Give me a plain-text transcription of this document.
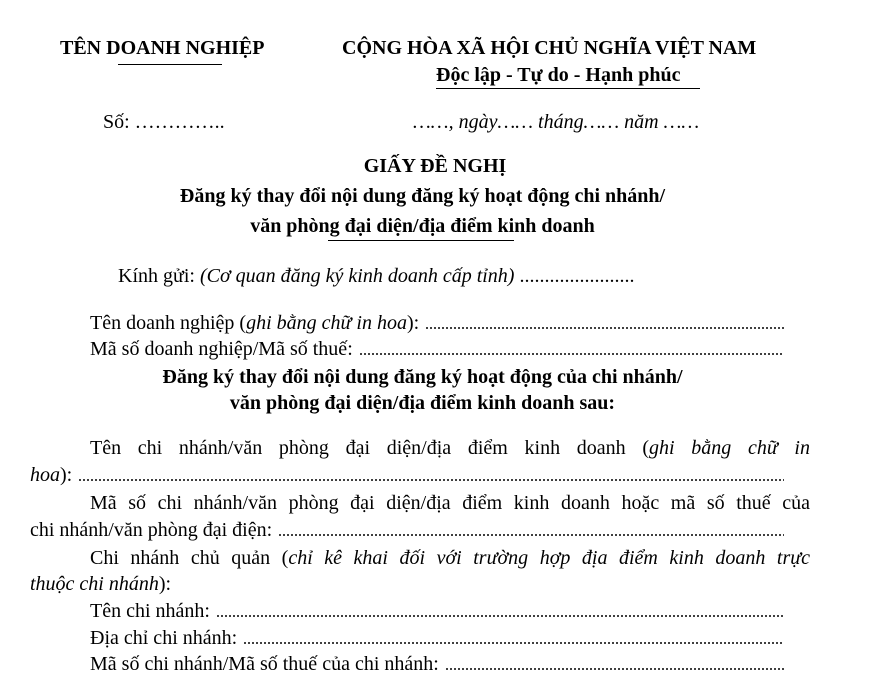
TÊN DOANH NGHIỆP	CỘNG HÒA XÃ HỘI CHỦ NGHĨA VIỆT NAM
Độc lập - Tự do - Hạnh phúc
Số: …………..	……, ngày…… tháng…… năm ……
GIẤY ĐỀ NGHỊ
Đăng ký thay đổi nội dung đăng ký hoạt động chi nhánh/
văn phòng đại diện/địa điểm kinh doanh
Kính gửi: (Cơ quan đăng ký kinh doanh cấp tỉnh) .......................
Tên doanh nghiệp ( ghi bằng chữ in hoa ):
Mã số doanh nghiệp/Mã số thuế:
Đăng ký thay đổi nội dung đăng ký hoạt động của chi nhánh/
văn phòng đại diện/địa điểm kinh doanh sau:
Tên chi nhánh/văn phòng đại diện/địa điểm kinh doanh (ghi bằng chữ in
hoa ):
Mã số chi nhánh/văn phòng đại diện/địa điểm kinh doanh hoặc mã số thuế của
chi nhánh/văn phòng đại điện:
Chi nhánh chủ quản (chỉ kê khai đối với trường hợp địa điểm kinh doanh trực
thuộc chi nhánh):
Tên chi nhánh:
Địa chỉ chi nhánh:
Mã số chi nhánh/Mã số thuế của chi nhánh:
